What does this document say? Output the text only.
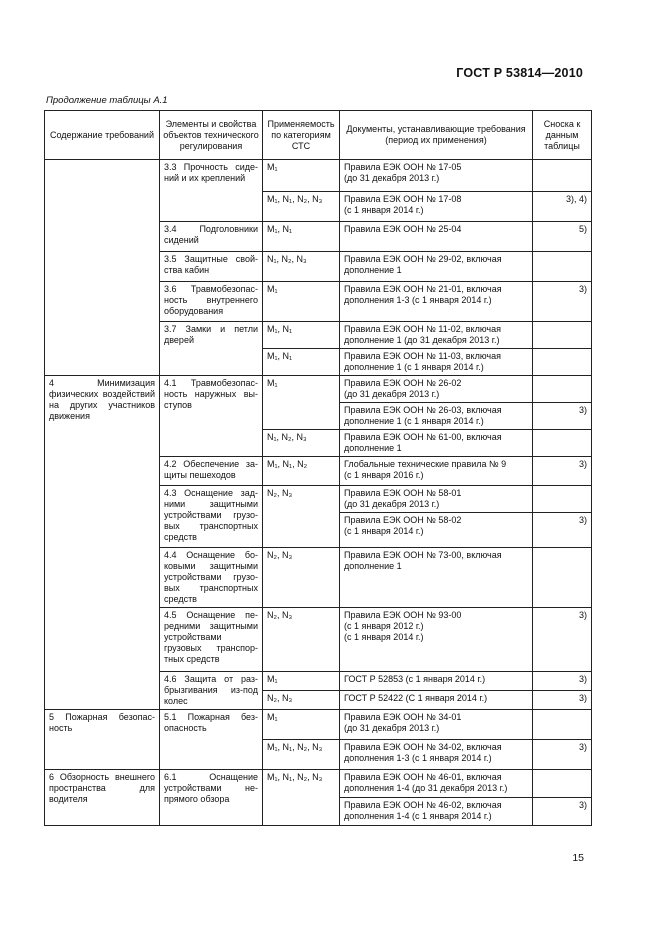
ГОСТ Р 53814—2010
Продолжение таблицы А.1
Содержание требований	Элементы и свойства объектов технического регулирования	Применяемость по категориям СТС	Документы, устанавливающие требования (период их применения)	Сноска к данным таблицы
	3.3 Прочность сидений и их креплений	M₁	Правила ЕЭК ООН № 17-05
(до 31 декабря 2013 г.)	
		M₁, N₁, N₂, N₃	Правила ЕЭК ООН № 17-08
(с 1 января 2014 г.)	3), 4)
	3.4 Подголовники сидений	M₁, N₁	Правила ЕЭК ООН № 25-04	5)
	3.5 Защитные свойства кабин	N₁, N₂, N₃	Правила ЕЭК ООН № 29-02, включая дополнение 1	
	3.6 Травмобезопасность внутреннего оборудования	M₁	Правила ЕЭК ООН № 21-01, включая дополнения 1-3 (с 1 января 2014 г.)	3)
	3.7 Замки и петли дверей	M₁, N₁	Правила ЕЭК ООН № 11-02, включая дополнение 1 (до 31 декабря 2013 г.)	
		M₁, N₁	Правила ЕЭК ООН № 11-03, включая дополнение 1 (с 1 января 2014 г.)	
4 Минимизация физических воздействий на других участников движения	4.1 Травмобезопасность наружных выступов	M₁	Правила ЕЭК ООН № 26-02
(до 31 декабря 2013 г.)	
			Правила ЕЭК ООН № 26-03, включая дополнение 1 (с 1 января 2014 г.)	3)
		N₁, N₂, N₃	Правила ЕЭК ООН № 61-00, включая дополнение 1	
	4.2 Обеспечение защиты пешеходов	M₁, N₁, N₂	Глобальные технические правила № 9
(с 1 января 2016 г.)	3)
	4.3 Оснащение задними защитными устройствами грузовых транспортных средств	N₂, N₃	Правила ЕЭК ООН № 58-01
(до 31 декабря 2013 г.)	
			Правила ЕЭК ООН № 58-02
(с 1 января 2014 г.)	3)
	4.4 Оснащение боковыми защитными устройствами грузовых транспортных средств	N₂, N₃	Правила ЕЭК ООН № 73-00, включая дополнение 1	
	4.5 Оснащение передними защитными устройствами грузовых транспортных средств	N₂, N₃	Правила ЕЭК ООН № 93-00
(с 1 января 2012 г.)
(с 1 января 2014 г.)	3)
	4.6 Защита от разбрызгивания из-под колес	M₁	ГОСТ Р 52853 (с 1 января 2014 г.)	3)
		N₂, N₃	ГОСТ Р 52422 (С 1 января 2014 г.)	3)
5 Пожарная безопасность	5.1 Пожарная безопасность	M₁	Правила ЕЭК ООН № 34-01
(до 31 декабря 2013 г.)	
		M₁, N₁, N₂, N₃	Правила ЕЭК ООН № 34-02, включая дополнения 1-3 (с 1 января 2014 г.)	3)
6 Обзорность внешнего пространства для водителя	6.1 Оснащение устройствами непрямого обзора	M₁, N₁, N₂, N₃	Правила ЕЭК ООН № 46-01, включая дополнения 1-4 (до 31 декабря 2013 г.)	
			Правила ЕЭК ООН № 46-02, включая дополнения 1-4 (с 1 января 2014 г.)	3)
15
